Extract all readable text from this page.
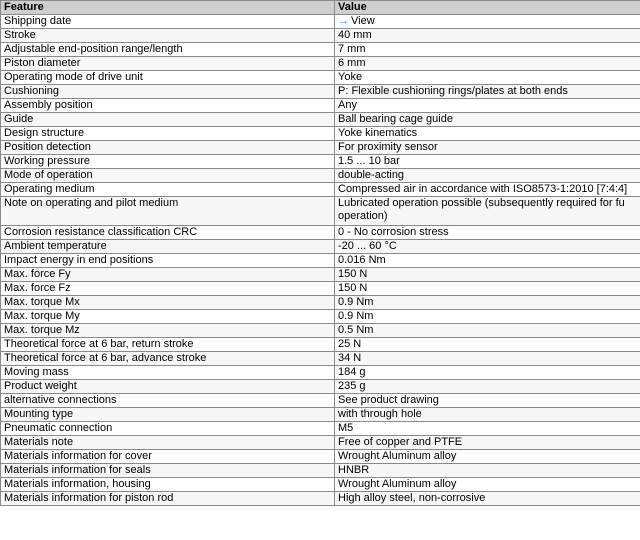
Feature	Value
Shipping date	→ View
Stroke	40 mm
Adjustable end-position range/length	7 mm
Piston diameter	6 mm
Operating mode of drive unit	Yoke
Cushioning	P: Flexible cushioning rings/plates at both ends
Assembly position	Any
Guide	Ball bearing cage guide
Design structure	Yoke kinematics
Position detection	For proximity sensor
Working pressure	1.5 ... 10 bar
Mode of operation	double-acting
Operating medium	Compressed air in accordance with ISO8573-1:2010 [7:4:4]
Note on operating and pilot medium	Lubricated operation possible (subsequently required for fu operation)
Corrosion resistance classification CRC	0 - No corrosion stress
Ambient temperature	-20 ... 60 °C
Impact energy in end positions	0.016 Nm
Max. force Fy	150 N
Max. force Fz	150 N
Max. torque Mx	0.9 Nm
Max. torque My	0.9 Nm
Max. torque Mz	0.5 Nm
Theoretical force at 6 bar, return stroke	25 N
Theoretical force at 6 bar, advance stroke	34 N
Moving mass	184 g
Product weight	235 g
alternative connections	See product drawing
Mounting type	with through hole
Pneumatic connection	M5
Materials note	Free of copper and PTFE
Materials information for cover	Wrought Aluminum alloy
Materials information for seals	HNBR
Materials information, housing	Wrought Aluminum alloy
Materials information for piston rod	High alloy steel, non-corrosive
